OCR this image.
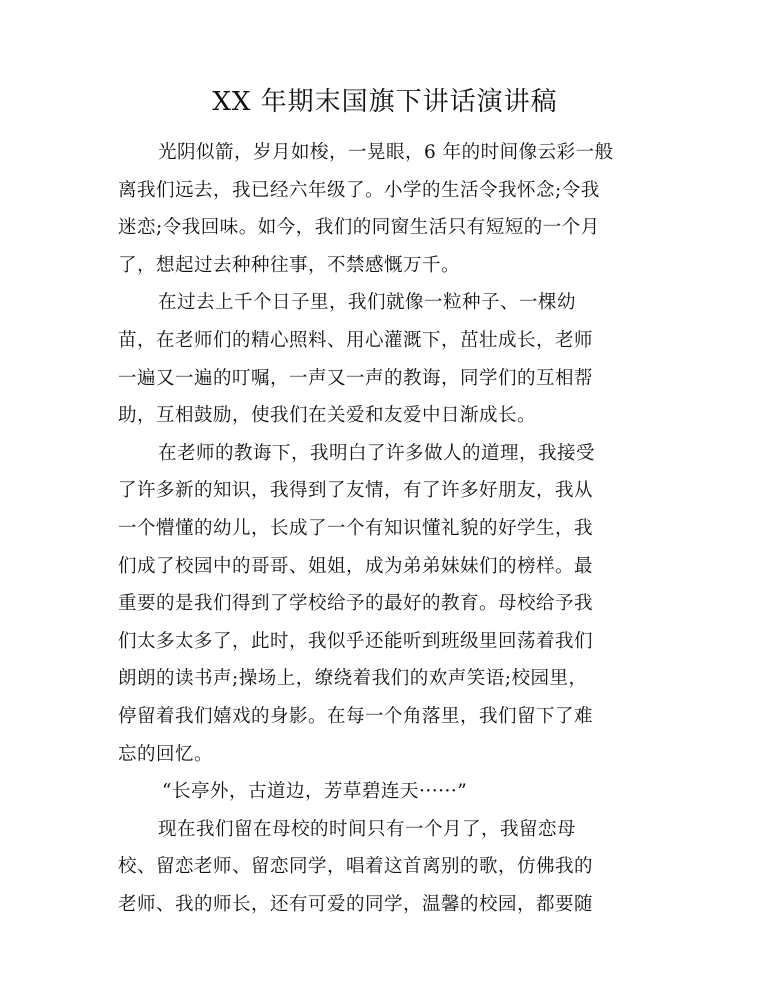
XX 年期末国旗下讲话演讲稿
光阴似箭，岁月如梭，一晃眼，6 年的时间像云彩一般
离我们远去，我已经六年级了。小学的生活令我怀念;令我
迷恋;令我回味。如今，我们的同窗生活只有短短的一个月
了，想起过去种种往事，不禁感慨万千。
在过去上千个日子里，我们就像一粒种子、一棵幼
苗，在老师们的精心照料、用心灌溉下，茁壮成长，老师
一遍又一遍的叮嘱，一声又一声的教诲，同学们的互相帮
助，互相鼓励，使我们在关爱和友爱中日渐成长。
在老师的教诲下，我明白了许多做人的道理，我接受
了许多新的知识，我得到了友情，有了许多好朋友，我从
一个懵懂的幼儿，长成了一个有知识懂礼貌的好学生，我
们成了校园中的哥哥、姐姐，成为弟弟妹妹们的榜样。最
重要的是我们得到了学校给予的最好的教育。母校给予我
们太多太多了，此时，我似乎还能听到班级里回荡着我们
朗朗的读书声;操场上，缭绕着我们的欢声笑语;校园里，
停留着我们嬉戏的身影。在每一个角落里，我们留下了难
忘的回忆。
“长亭外，古道边，芳草碧连天······”
现在我们留在母校的时间只有一个月了，我留恋母
校、留恋老师、留恋同学，唱着这首离别的歌，仿佛我的
老师、我的师长，还有可爱的同学，温馨的校园，都要随
